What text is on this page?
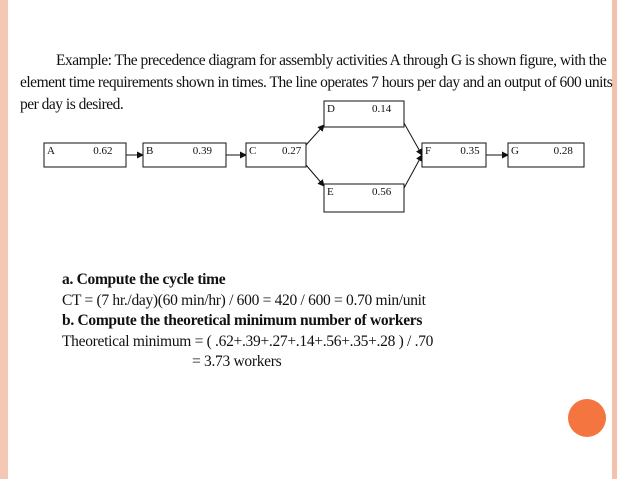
Example: The precedence diagram for assembly activities A through G is shown figure, with the
element time requirements shown in times. The line operates 7 hours per day and an output of 600 units
per day is desired.
A	0.62	B	0.39	C 0.27
D	0.14
E	0.56
F	0.35	G	0.28
a. Compute the cycle time
CT = (7 hr./day)(60 min/hr) / 600 = 420 / 600 = 0.70 min/unit
b. Compute the theoretical minimum number of workers
Theoretical minimum = ( .62+.39+.27+.14+.56+.35+.28 ) / .70
= 3.73 workers
